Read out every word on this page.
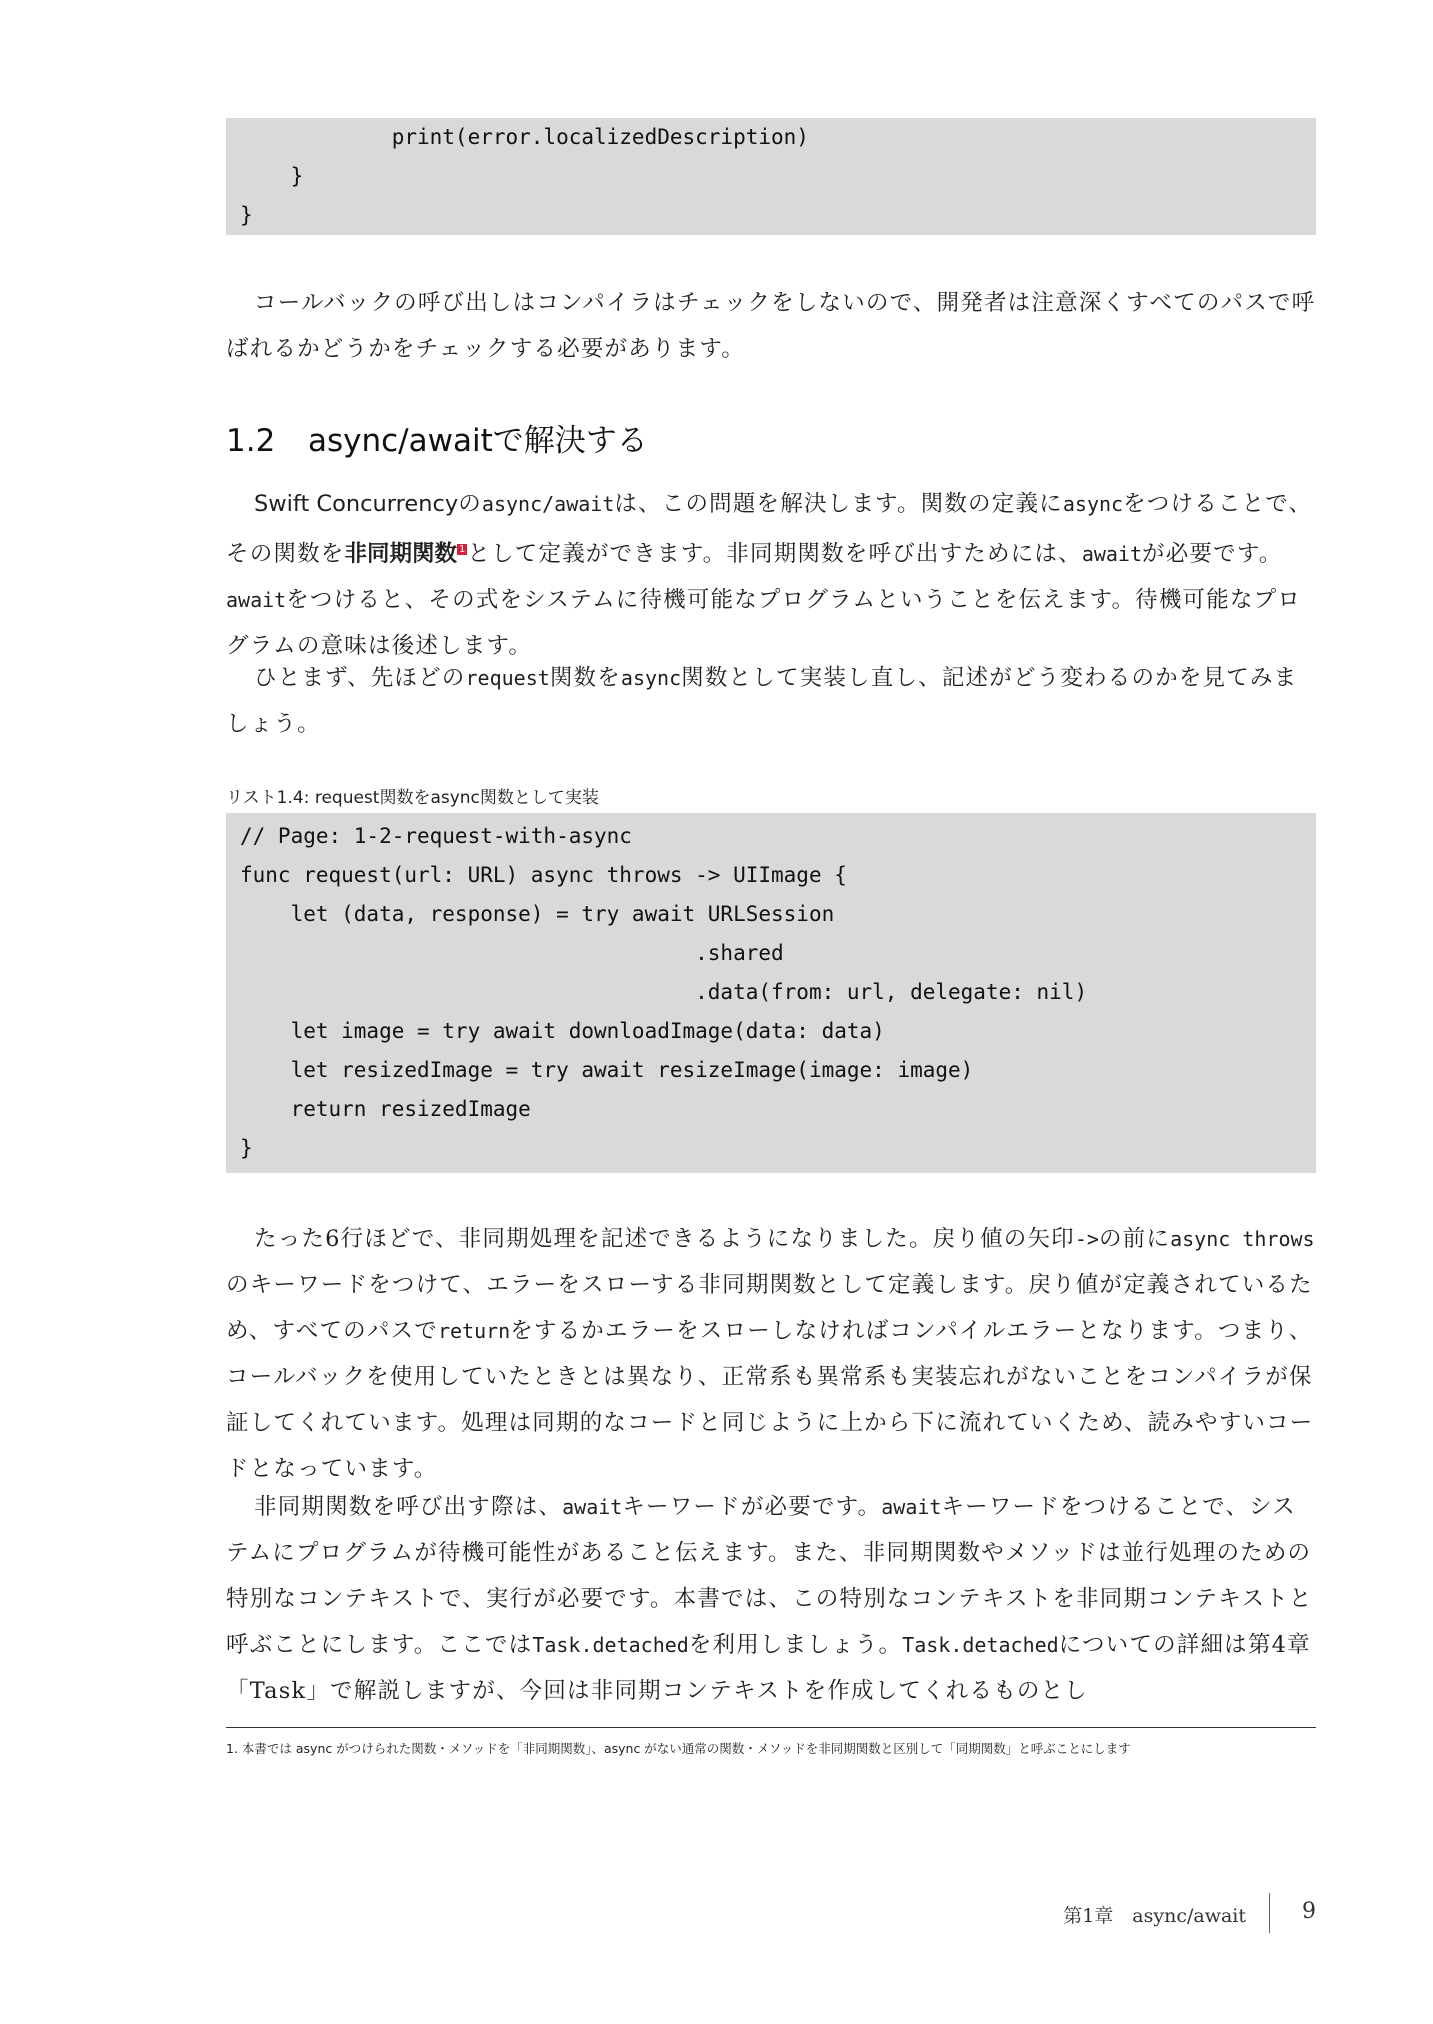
print(error.localizedDescription)
}
}

コールバックの呼び出しはコンパイラはチェックをしないので、開発者は注意深くすべてのパスで呼ばれるかどうかをチェックする必要があります。

1.2 async/awaitで解決する

Swift Concurrencyのasync/awaitは、この問題を解決します。関数の定義にasyncをつけることで、その関数を非同期関数 $^1$として定義ができます。非同期関数を呼び出すためには、awaitが必要です。awaitをつけると、その式をシステムに待機可能なプログラムということを伝えます。待機可能なプログラムの意味は後述します。

ひとまず、先ほどのrequest関数をasync関数として実装し直し、記述がどう変わるのかを見てみましょう。

リスト1.4: request関数をasync関数として実装
// Page: 1-2-request-with-async
func request(url: URL) async throws -> UIImage {
let (data, response) = try await URLSession
.shared
.data(from: url, delegate: nil)
let image = try await downloadImage(data: data)
let resizedImage = try await resizeImage(image: image)
return resizedImage
}

たった6行ほどで、非同期処理を記述できるようになりました。戻り値の矢印->の前にasync throwsのキーワードをつけて、エラーをスローする非同期関数として定義します。戻り値が定義されているため、すべてのパスでreturnをするかエラーをスローしなければコンパイルエラーとなります。つまり、コールバックを使用していたときとは異なり、正常系も異常系も実装忘れがないことをコンパイラが保証してくれています。処理は同期的なコードと同じように上から下に流れていくため、読みやすいコードとなっています。

非同期関数を呼び出す際は、awaitキーワードが必要です。awaitキーワードをつけることで、システムにプログラムが待機可能性があること伝えます。また、非同期関数やメソッドは並行処理のための特別なコンテキストで、実行が必要です。本書では、この特別なコンテキストを非同期コンテキストと呼ぶことにします。ここではTask.detachedを利用しましょう。Task.detachedについての詳細は第4章「Task」で解説しますが、今回は非同期コンテキストを作成してくれるものとし

1. 本書では async がつけられた関数・メソッドを「非同期関数」、async がない通常の関数・メソッドを非同期関数と区別して「同期関数」と呼ぶことにします
第1章　async/await	9
